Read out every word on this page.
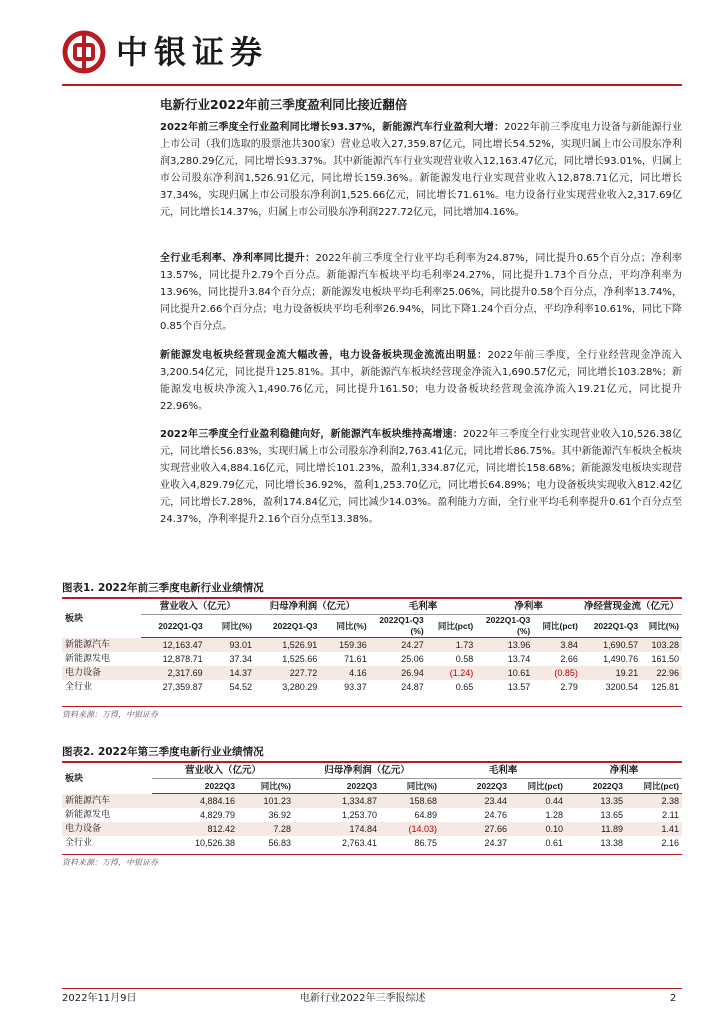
中银证券
电新行业2022年前三季度盈利同比接近翻倍
2022年前三季度全行业盈利同比增长93.37%，新能源汽车行业盈利大增：2022年前三季度电力设备与新能源行业上市公司（我们选取的股票池共300家）营业总收入27,359.87亿元，同比增长54.52%，实现归属上市公司股东净利润3,280.29亿元，同比增长93.37%。其中新能源汽车行业实现营业收入12,163.47亿元，同比增长93.01%，归属上市公司股东净利润1,526.91亿元，同比增长159.36%。新能源发电行业实现营业收入12,878.71亿元，同比增长37.34%，实现归属上市公司股东净利润1,525.66亿元，同比增长71.61%。电力设备行业实现营业收入2,317.69亿元，同比增长14.37%，归属上市公司股东净利润227.72亿元，同比增加4.16%。
全行业毛利率、净利率同比提升：2022年前三季度全行业平均毛利率为24.87%，同比提升0.65个百分点；净利率13.57%，同比提升2.79个百分点。新能源汽车板块平均毛利率24.27%，同比提升1.73个百分点，平均净利率为13.96%，同比提升3.84个百分点；新能源发电板块平均毛利率25.06%，同比提升0.58个百分点，净利率13.74%，同比提升2.66个百分点；电力设备板块平均毛利率26.94%，同比下降1.24个百分点，平均净利率10.61%，同比下降0.85个百分点。
新能源发电板块经营现金流大幅改善，电力设备板块现金流流出明显：2022年前三季度，全行业经营现金净流入3,200.54亿元，同比提升125.81%。其中，新能源汽车板块经营现金净流入1,690.57亿元，同比增长103.28%；新能源发电板块净流入1,490.76亿元，同比提升161.50；电力设备板块经营现金流净流入19.21亿元，同比提升22.96%。
2022年三季度全行业盈利稳健向好，新能源汽车板块维持高增速：2022年三季度全行业实现营业收入10,526.38亿元，同比增长56.83%，实现归属上市公司股东净利润2,763.41亿元，同比增长86.75%。其中新能源汽车板块全板块实现营业收入4,884.16亿元，同比增长101.23%，盈利1,334.87亿元，同比增长158.68%；新能源发电板块实现营业收入4,829.79亿元，同比增长36.92%，盈利1,253.70亿元，同比增长64.89%；电力设备板块实现收入812.42亿元，同比增长7.28%，盈利174.84亿元，同比减少14.03%。盈利能力方面，全行业平均毛利率提升0.61个百分点至24.37%，净利率提升2.16个百分点至13.38%。
图表1. 2022年前三季度电新行业业绩情况
板块	营业收入（亿元）		归母净利润（亿元）		毛利率		净利率		净经营现金流（亿元）	
	2022Q1-Q3	同比(%)	2022Q1-Q3	同比(%)	2022Q1-Q3 (%)	同比(pct)	2022Q1-Q3 (%)	同比(pct)	2022Q1-Q3	同比(%)
新能源汽车	12,163.47	93.01	1,526.91	159.36	24.27	1.73	13.96	3.84	1,690.57	103.28
新能源发电	12,878.71	37.34	1,525.66	71.61	25.06	0.58	13.74	2.66	1,490.76	161.50
电力设备	2,317.69	14.37	227.72	4.16	26.94	(1.24)	10.61	(0.85)	19.21	22.96
全行业	27,359.87	54.52	3,280.29	93.37	24.87	0.65	13.57	2.79	3200.54	125.81
资料来源：万得，中银证券
图表2. 2022年第三季度电新行业业绩情况
板块	营业收入（亿元）		归母净利润（亿元）		毛利率		净利率	
	2022Q3	同比(%)	2022Q3	同比(%)	2022Q3	同比(pct)	2022Q3	同比(pct)
新能源汽车	4,884.16	101.23	1,334.87	158.68	23.44	0.44	13.35	2.38
新能源发电	4,829.79	36.92	1,253.70	64.89	24.76	1.28	13.65	2.11
电力设备	812.42	7.28	174.84	(14.03)	27.66	0.10	11.89	1.41
全行业	10,526.38	56.83	2,763.41	86.75	24.37	0.61	13.38	2.16
资料来源：万得，中银证券
2022年11月9日	电新行业2022年三季报综述	2
